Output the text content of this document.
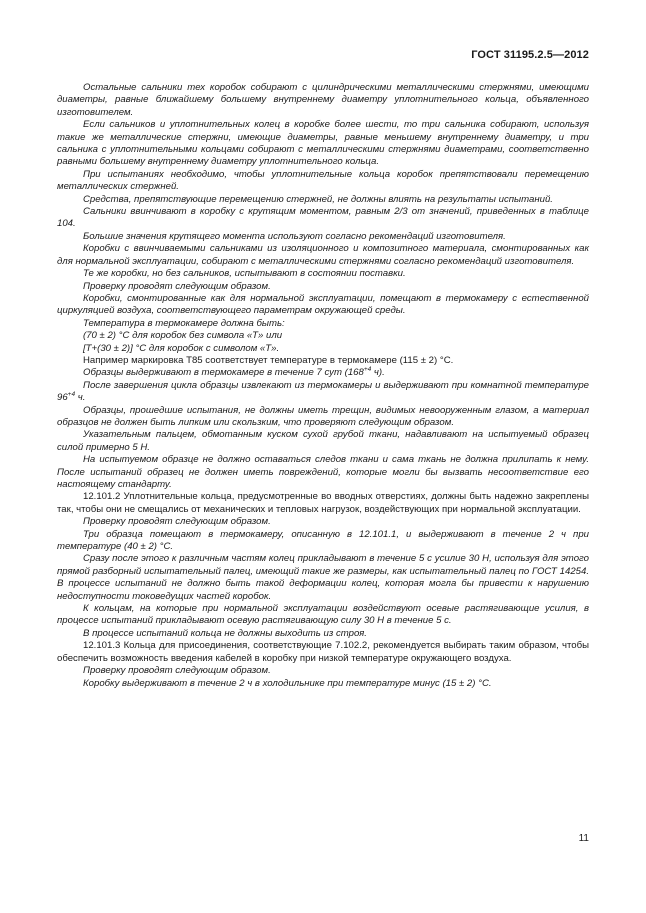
ГОСТ 31195.2.5—2012

Остальные сальники тех коробок собирают с цилиндрическими металлическими стержнями, имеющими диаметры, равные ближайшему большему внутреннему диаметру уплотнительного кольца, объявленного изготовителем.

Если сальников и уплотнительных колец в коробке более шести, то три сальника собирают, используя такие же металлические стержни, имеющие диаметры, равные меньшему внутреннему диаметру, и три сальника с уплотнительными кольцами собирают с металлическими стержнями диаметрами, соответственно равными большему внутреннему диаметру уплотнительного кольца.

При испытаниях необходимо, чтобы уплотнительные кольца коробок препятствовали перемещению металлических стержней.

Средства, препятствующие перемещению стержней, не должны влиять на результаты испытаний.

Сальники ввинчивают в коробку с крутящим моментом, равным 2/3 от значений, приведенных в таблице 104.

Большие значения крутящего момента используют согласно рекомендаций изготовителя.

Коробки с ввинчиваемыми сальниками из изоляционного и композитного материала, смонтированных как для нормальной эксплуатации, собирают с металлическими стержнями согласно рекомендаций изготовителя.

Те же коробки, но без сальников, испытывают в состоянии поставки.

Проверку проводят следующим образом.

Коробки, смонтированные как для нормальной эксплуатации, помещают в термокамеру с естественной циркуляцией воздуха, соответствующего параметрам окружающей среды.

Температура в термокамере должна быть:

(70 ± 2) °С для коробок без символа «Т» или

[T+(30 ± 2)] °С для коробок с символом «Т».

Например маркировка T85 соответствует температуре в термокамере (115 ± 2) °С.

Образцы выдерживают в термокамере в течение 7 сут ($168^{+4}$ ч).

После завершения цикла образцы извлекают из термокамеры и выдерживают при комнатной температуре $96^{+4}$ ч.

Образцы, прошедшие испытания, не должны иметь трещин, видимых невооруженным глазом, а материал образцов не должен быть липким или скользким, что проверяют следующим образом.

Указательным пальцем, обмотанным куском сухой грубой ткани, надавливают на испытуемый образец силой примерно 5 Н.

На испытуемом образце не должно оставаться следов ткани и сама ткань не должна прилипать к нему. После испытаний образец не должен иметь повреждений, которые могли бы вызвать несоответствие его настоящему стандарту.

12.101.2 Уплотнительные кольца, предусмотренные во вводных отверстиях, должны быть надежно закреплены так, чтобы они не смещались от механических и тепловых нагрузок, воздействующих при нормальной эксплуатации.

Проверку проводят следующим образом.

Три образца помещают в термокамеру, описанную в 12.101.1, и выдерживают в течение 2 ч при температуре (40 ± 2) °С.

Сразу после этого к различным частям колец прикладывают в течение 5 с усилие 30 Н, используя для этого прямой разборный испытательный палец, имеющий такие же размеры, как испытательный палец по ГОСТ 14254. В процессе испытаний не должно быть такой деформации колец, которая могла бы привести к нарушению недоступности токоведущих частей коробок.

К кольцам, на которые при нормальной эксплуатации воздействуют осевые растягивающие усилия, в процессе испытаний прикладывают осевую растягивающую силу 30 Н в течение 5 с.

В процессе испытаний кольца не должны выходить из строя.

12.101.3 Кольца для присоединения, соответствующие 7.102.2, рекомендуется выбирать таким образом, чтобы обеспечить возможность введения кабелей в коробку при низкой температуре окружающего воздуха.

Проверку проводят следующим образом.

Коробку выдерживают в течение 2 ч в холодильнике при температуре минус (15 ± 2) °С.

11
